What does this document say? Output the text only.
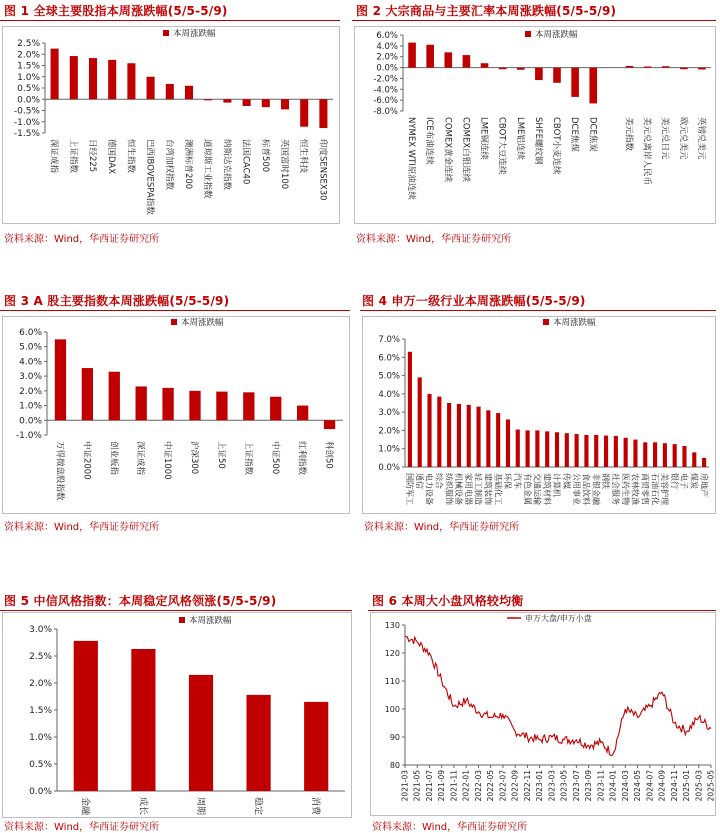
图 1 全球主要股指本周涨跌幅(5/5-5/9)
本周涨跌幅
-1.5%
-1.0%
-0.5%
0.0%
0.5%
1.0%
1.5%
2.0%
2.5%
深证成指 上证指数 日经225 德国DAX 恒生指数 巴西IBOVESPA指数 台湾加权指数 澳洲标普200 道琼斯工业指数 纳斯达克指数 法国CAC40 标普500 英国富时100 恒生科技 印度SENSEX30
资料来源：Wind，华西证券研究所
图 2 大宗商品与主要汇率本周涨跌幅(5/5-5/9)
本周涨跌幅
-8.0%
-6.0%
-4.0%
-2.0%
0.0%
2.0%
4.0%
6.0%
NYMEX WTI原油连续 ICE布油连续 COMEX黄金连续 COMEX白银连续 LME铜连续 CBOT大豆连续 LME铝连续 SHFE螺纹钢 CBOT小麦连续 DCE焦煤 DCE焦炭	美元指数 美元兑离岸人民币 美元兑日元 欧元兑美元 英镑兑美元
资料来源：Wind，华西证券研究所
图 3 A 股主要指数本周涨跌幅(5/5-5/9)
本周涨跌幅
-1.0%
0.0%
1.0%
2.0%
3.0%
4.0%
5.0%
6.0%
万得微盘股指数 中证2000 创业板指 深证成指 中证1000 沪深300 上证50 上证指数 中证500 红利指数 科创50
资料来源：Wind，华西证券研究所
图 4 申万一级行业本周涨跌幅(5/5-5/9)
本周涨跌幅
0.0%
1.0%
2.0%
3.0%
4.0%
5.0%
6.0%
7.0%
国防军工 通信 电力设备 综合 纺织服饰 机械设备 家用电器 轻工制造 建筑装饰 基础化工 环保 汽车 有色金属 交通运输 建筑材料 计算机 传媒 公用事业 食品饮料 非银金融 钢铁 社会服务 医药生物 农林牧渔 商贸零售 石油石化 美容护理 银行 电子 煤炭 房地产
资料来源：Wind，华西证券研究所
图 5 中信风格指数：本周稳定风格领涨(5/5-5/9)
本周涨跌幅
0.0%
0.5%
1.0%
1.5%
2.0%
2.5%
3.0%
金融	成长	周期	稳定	消费
资料来源：Wind，华西证券研究所
图 6 本周大小盘风格较均衡
申万大盘/申万小盘
80
90
100
110
120
130
2021-03 2021-05 2021-07 2021-09 2021-11 2022-01 2022-03 2022-05 2022-07 2022-09 2022-11 2023-01 2023-03 2023-05 2023-07 2023-09 2023-11 2024-01 2024-03 2024-05 2024-07 2024-09 2024-11 2025-01 2025-03 2025-05
资料来源：Wind，华西证券研究所
